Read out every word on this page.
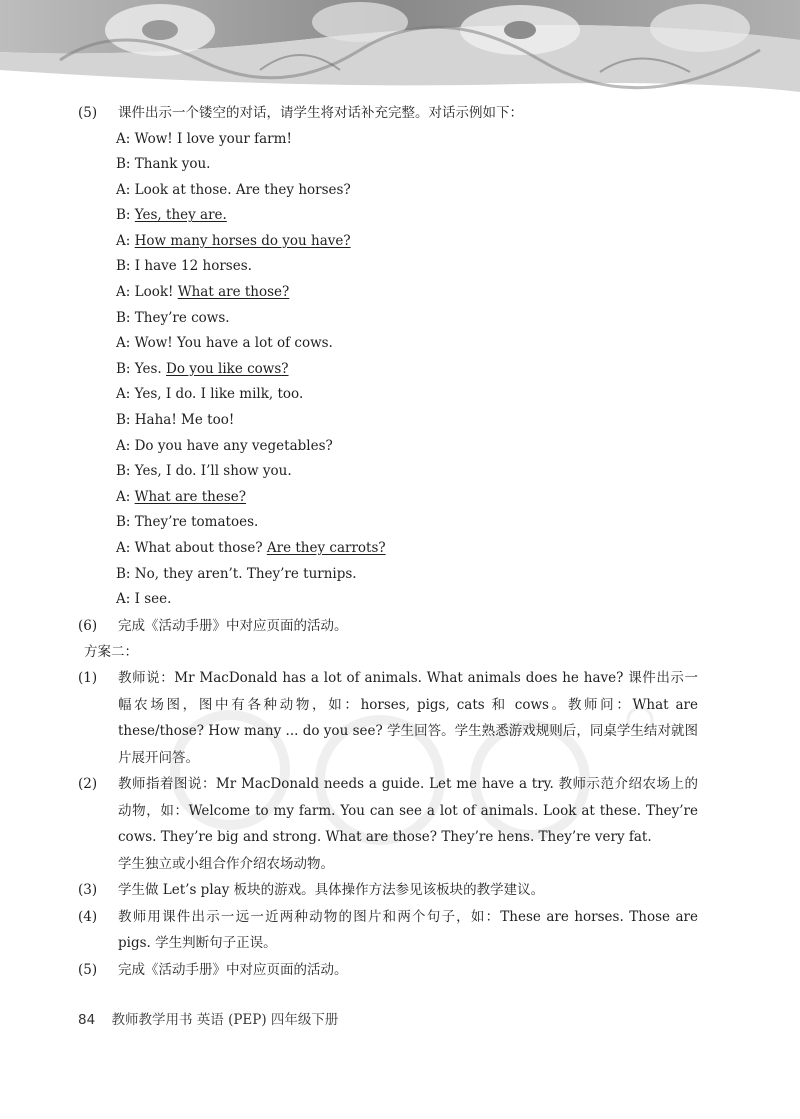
(5) 课件出示一个镂空的对话，请学生将对话补充完整。对话示例如下：
A: Wow! I love your farm!
B: Thank you.
A: Look at those. Are they horses?
B: Yes, they are.
A: How many horses do you have?
B: I have 12 horses.
A: Look! What are those?
B: They’re cows.
A: Wow! You have a lot of cows.
B: Yes. Do you like cows?
A: Yes, I do. I like milk, too.
B: Haha! Me too!
A: Do you have any vegetables?
B: Yes, I do. I’ll show you.
A: What are these?
B: They’re tomatoes.
A: What about those? Are they carrots?
B: No, they aren’t. They’re turnips.
A: I see.
(6) 完成《活动手册》中对应页面的活动。
方案二：
(1) 教师说：Mr MacDonald has a lot of animals. What animals does he have? 课件出示一幅农场图，图中有各种动物，如：horses, pigs, cats 和 cows。教师问：What are these/those? How many ... do you see? 学生回答。学生熟悉游戏规则后，同桌学生结对就图片展开问答。
(2) 教师指着图说：Mr MacDonald needs a guide. Let me have a try. 教师示范介绍农场上的动物，如：Welcome to my farm. You can see a lot of animals. Look at these. They’re cows. They’re big and strong. What are those? They’re hens. They’re very fat.
学生独立或小组合作介绍农场动物。
(3) 学生做 Let’s play 板块的游戏。具体操作方法参见该板块的教学建议。
(4) 教师用课件出示一远一近两种动物的图片和两个句子，如：These are horses. Those are pigs. 学生判断句子正误。
(5) 完成《活动手册》中对应页面的活动。
84 教师教学用书 英语 (PEP) 四年级下册
